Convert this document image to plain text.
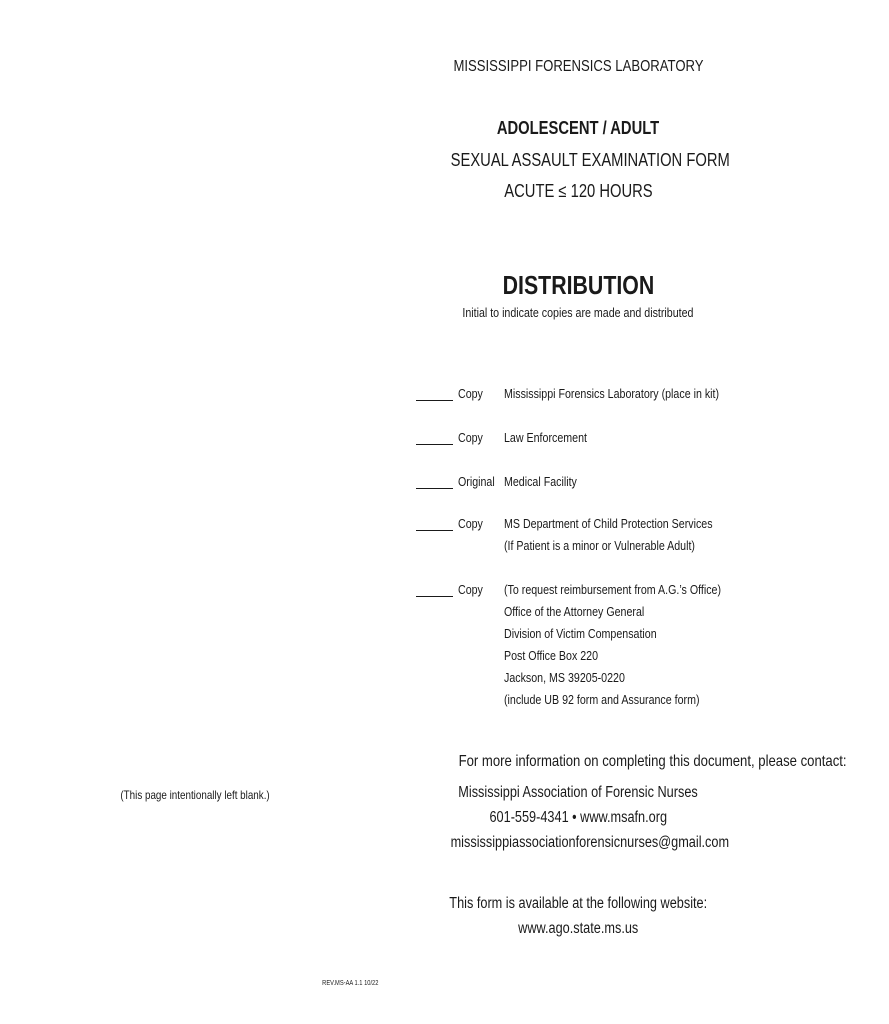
MISSISSIPPI FORENSICS LABORATORY
ADOLESCENT / ADULT
SEXUAL ASSAULT EXAMINATION FORM
ACUTE ≤ 120 HOURS
DISTRIBUTION
Initial to indicate copies are made and distributed
Copy Mississippi Forensics Laboratory (place in kit)
Copy Law Enforcement
Original Medical Facility
Copy MS Department of Child Protection Services
(If Patient is a minor or Vulnerable Adult)
Copy (To request reimbursement from A.G.’s Office)
Office of the Attorney General
Division of Victim Compensation
Post Office Box 220
Jackson, MS 39205-0220
(include UB 92 form and Assurance form)
For more information on completing this document, please contact:
Mississippi Association of Forensic Nurses
601-559-4341 • www.msafn.org
mississippiassociationforensicnurses@gmail.com
This form is available at the following website:
www.ago.state.ms.us
(This page intentionally left blank.)
REV.MS-AA 1.1 10/22
